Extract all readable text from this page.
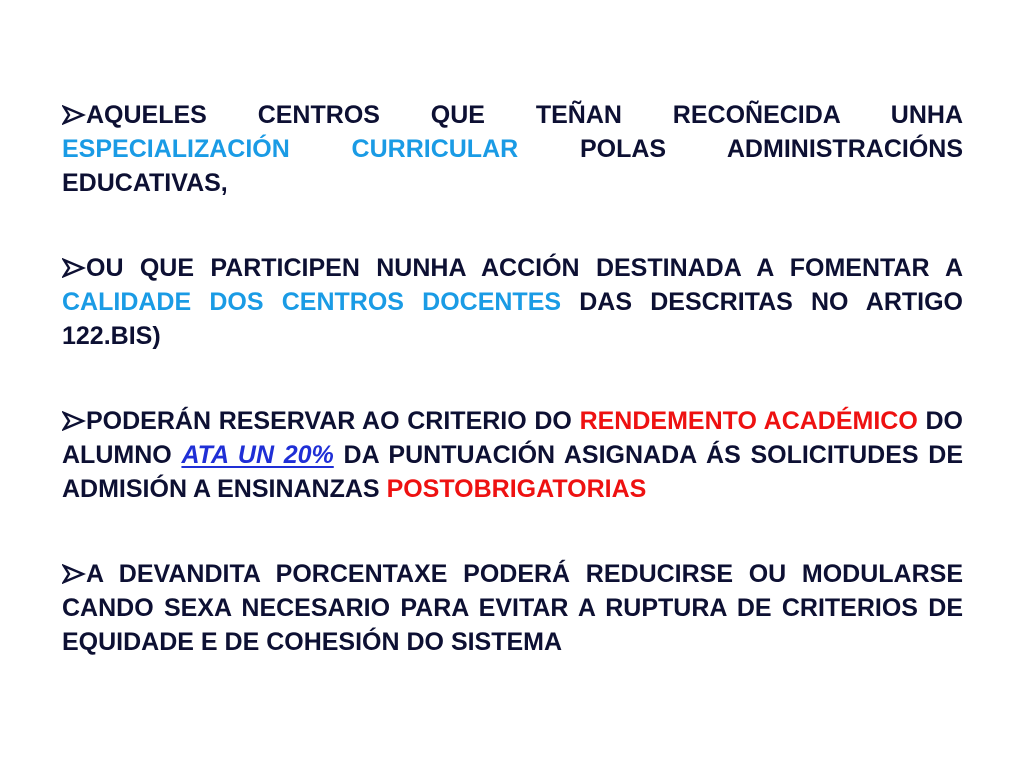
AQUELES CENTROS QUE TEÑAN RECOÑECIDA UNHA ESPECIALIZACIÓN CURRICULAR POLAS ADMINISTRACIÓNS EDUCATIVAS,
OU QUE PARTICIPEN NUNHA ACCIÓN DESTINADA A FOMENTAR A CALIDADE DOS CENTROS DOCENTES DAS DESCRITAS NO ARTIGO 122.BIS)
PODERÁN RESERVAR AO CRITERIO DO RENDEMENTO ACADÉMICO DO ALUMNO ATA UN 20% DA PUNTUACIÓN ASIGNADA ÁS SOLICITUDES DE ADMISIÓN A ENSINANZAS POSTOBRIGATORIAS
A DEVANDITA PORCENTAXE PODERÁ REDUCIRSE OU MODULARSE CANDO SEXA NECESARIO PARA EVITAR A RUPTURA DE CRITERIOS DE EQUIDADE E DE COHESIÓN DO SISTEMA
